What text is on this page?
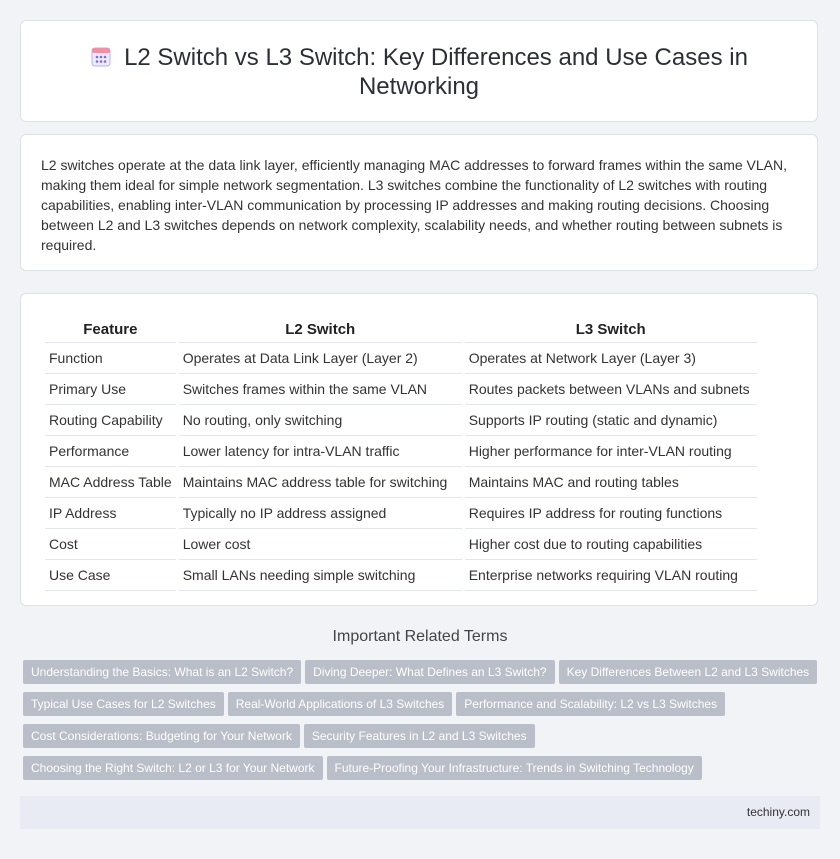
L2 Switch vs L3 Switch: Key Differences and Use Cases in Networking

L2 switches operate at the data link layer, efficiently managing MAC addresses to forward frames within the same VLAN, making them ideal for simple network segmentation. L3 switches combine the functionality of L2 switches with routing capabilities, enabling inter-VLAN communication by processing IP addresses and making routing decisions. Choosing between L2 and L3 switches depends on network complexity, scalability needs, and whether routing between subnets is required.

Feature	L2 Switch	L3 Switch
Function	Operates at Data Link Layer (Layer 2)	Operates at Network Layer (Layer 3)
Primary Use	Switches frames within the same VLAN	Routes packets between VLANs and subnets
Routing Capability	No routing, only switching	Supports IP routing (static and dynamic)
Performance	Lower latency for intra-VLAN traffic	Higher performance for inter-VLAN routing
MAC Address Table	Maintains MAC address table for switching	Maintains MAC and routing tables
IP Address	Typically no IP address assigned	Requires IP address for routing functions
Cost	Lower cost	Higher cost due to routing capabilities
Use Case	Small LANs needing simple switching	Enterprise networks requiring VLAN routing
Important Related Terms
Understanding the Basics: What is an L2 Switch? Diving Deeper: What Defines an L3 Switch? Key Differences Between L2 and L3 Switches
Typical Use Cases for L2 Switches Real-World Applications of L3 Switches Performance and Scalability: L2 vs L3 Switches
Cost Considerations: Budgeting for Your Network Security Features in L2 and L3 Switches
Choosing the Right Switch: L2 or L3 for Your Network Future-Proofing Your Infrastructure: Trends in Switching Technology
techiny.com
